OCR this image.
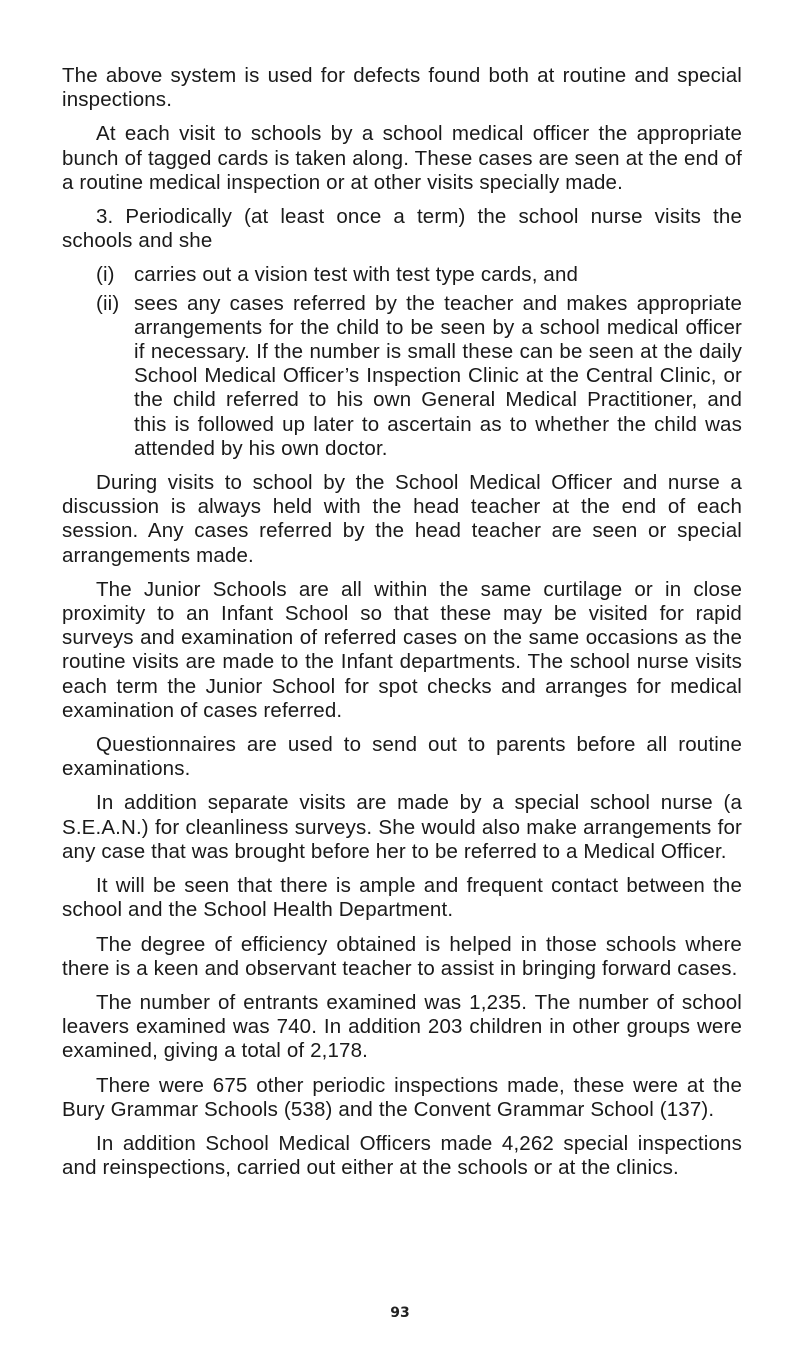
The above system is used for defects found both at routine and special inspections.

At each visit to schools by a school medical officer the appropriate bunch of tagged cards is taken along. These cases are seen at the end of a routine medical inspection or at other visits specially made.

3. Periodically (at least once a term) the school nurse visits the schools and she

(i) carries out a vision test with test type cards, and
(ii) sees any cases referred by the teacher and makes appropriate arrangements for the child to be seen by a school medical officer if necessary. If the number is small these can be seen at the daily School Medical Officer’s Inspection Clinic at the Central Clinic, or the child referred to his own General Medical Practitioner, and this is followed up later to ascertain as to whether the child was attended by his own doctor.

During visits to school by the School Medical Officer and nurse a discussion is always held with the head teacher at the end of each session. Any cases referred by the head teacher are seen or special arrangements made.

The Junior Schools are all within the same curtilage or in close proximity to an Infant School so that these may be visited for rapid surveys and examination of referred cases on the same occasions as the routine visits are made to the Infant departments. The school nurse visits each term the Junior School for spot checks and arranges for medical examination of cases referred.

Questionnaires are used to send out to parents before all routine examinations.

In addition separate visits are made by a special school nurse (a S.E.A.N.) for cleanliness surveys. She would also make arrangements for any case that was brought before her to be referred to a Medical Officer.

It will be seen that there is ample and frequent contact between the school and the School Health Department.

The degree of efficiency obtained is helped in those schools where there is a keen and observant teacher to assist in bringing forward cases.

The number of entrants examined was 1,235. The number of school leavers examined was 740. In addition 203 children in other groups were examined, giving a total of 2,178.

There were 675 other periodic inspections made, these were at the Bury Grammar Schools (538) and the Convent Grammar School (137).

In addition School Medical Officers made 4,262 special inspections and reinspections, carried out either at the schools or at the clinics.

93
